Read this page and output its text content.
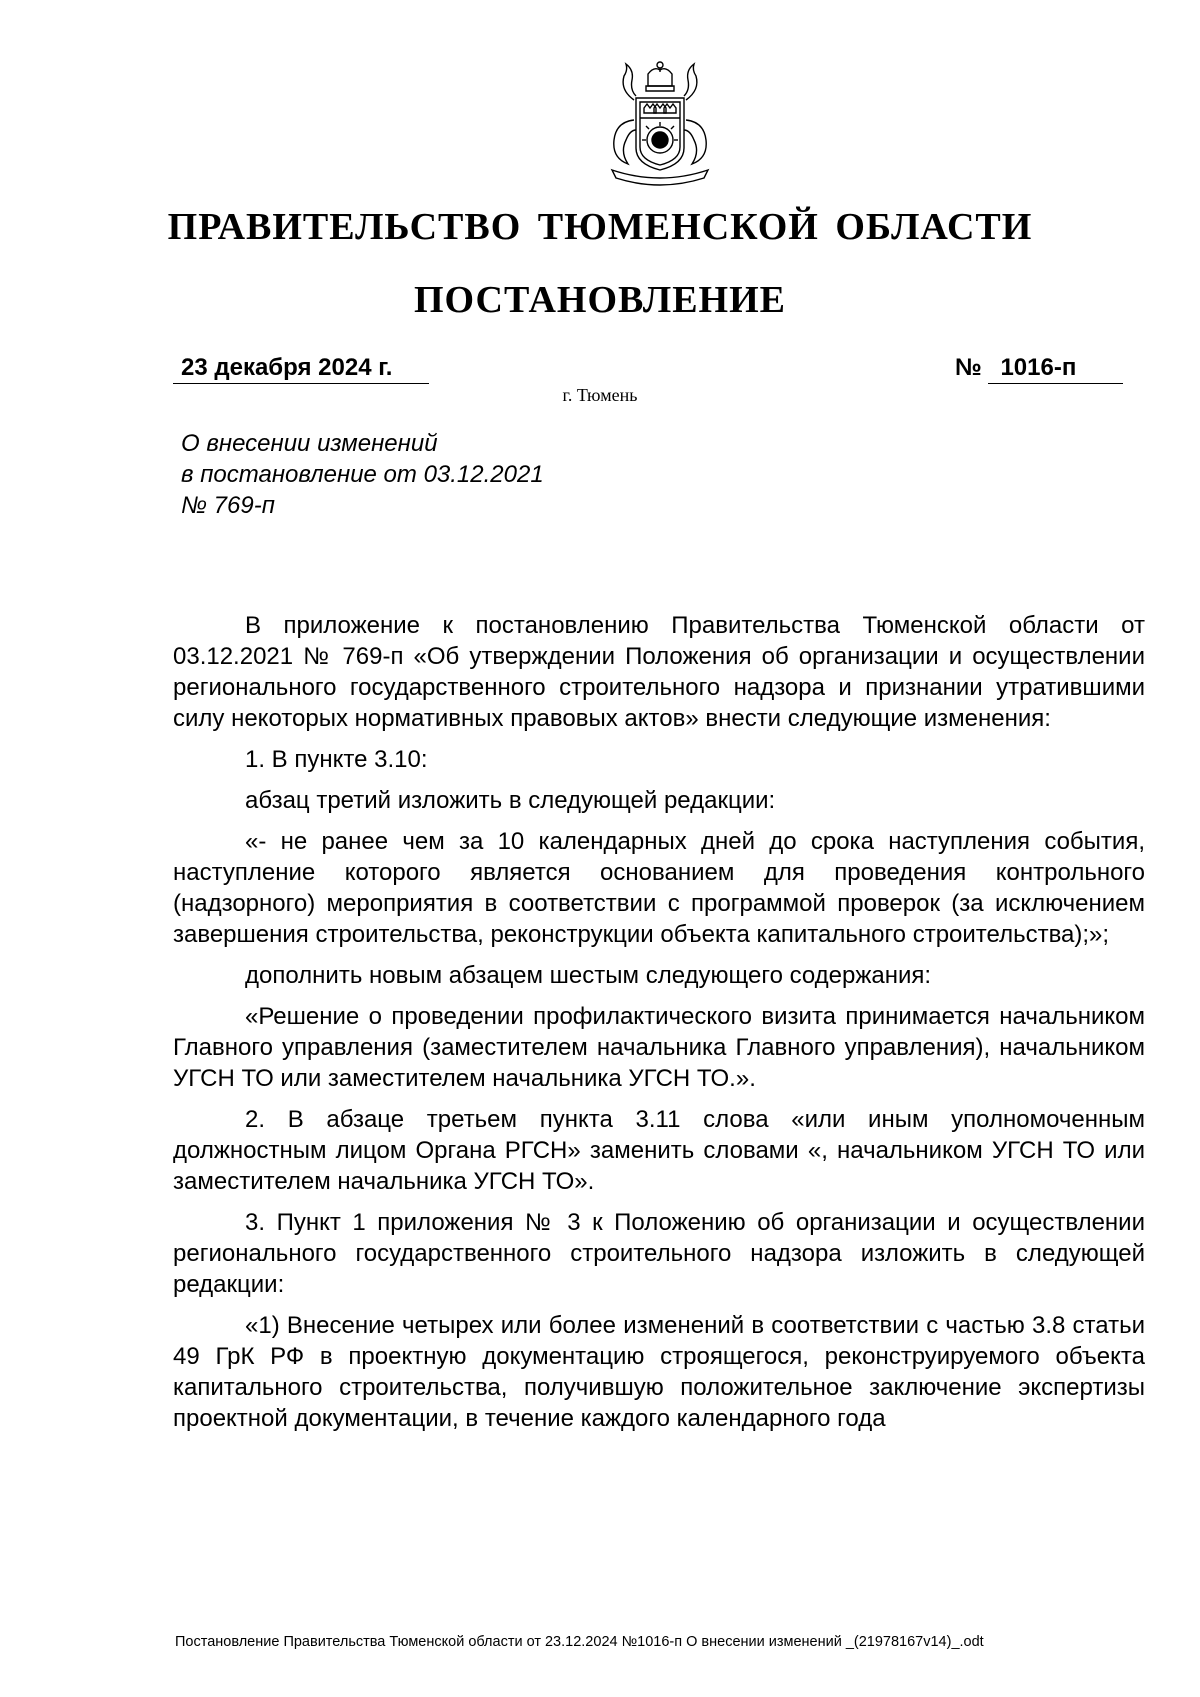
ПРАВИТЕЛЬСТВО ТЮМЕНСКОЙ ОБЛАСТИ
ПОСТАНОВЛЕНИЕ
23 декабря 2024 г.	№ 1016-п
г. Тюмень
О внесении изменений
в постановление от 03.12.2021
№ 769-п

В приложение к постановлению Правительства Тюменской области от 03.12.2021 № 769-п «Об утверждении Положения об организации и осуществлении регионального государственного строительного надзора и признании утратившими силу некоторых нормативных правовых актов» внести следующие изменения:

1. В пункте 3.10:

абзац третий изложить в следующей редакции:

«- не ранее чем за 10 календарных дней до срока наступления события, наступление которого является основанием для проведения контрольного (надзорного) мероприятия в соответствии с программой проверок (за исключением завершения строительства, реконструкции объекта капитального строительства);»;

дополнить новым абзацем шестым следующего содержания:

«Решение о проведении профилактического визита принимается начальником Главного управления (заместителем начальника Главного управления), начальником УГСН ТО или заместителем начальника УГСН ТО.».

2. В абзаце третьем пункта 3.11 слова «или иным уполномоченным должностным лицом Органа РГСН» заменить словами «, начальником УГСН ТО или заместителем начальника УГСН ТО».

3. Пункт 1 приложения № 3 к Положению об организации и осуществлении регионального государственного строительного надзора изложить в следующей редакции:

«1) Внесение четырех или более изменений в соответствии с частью 3.8 статьи 49 ГрК РФ в проектную документацию строящегося, реконструируемого объекта капитального строительства, получившую положительное заключение экспертизы проектной документации, в течение каждого календарного года

Постановление Правительства Тюменской области от 23.12.2024 №1016-п О внесении изменений _(21978167v14)_.odt
